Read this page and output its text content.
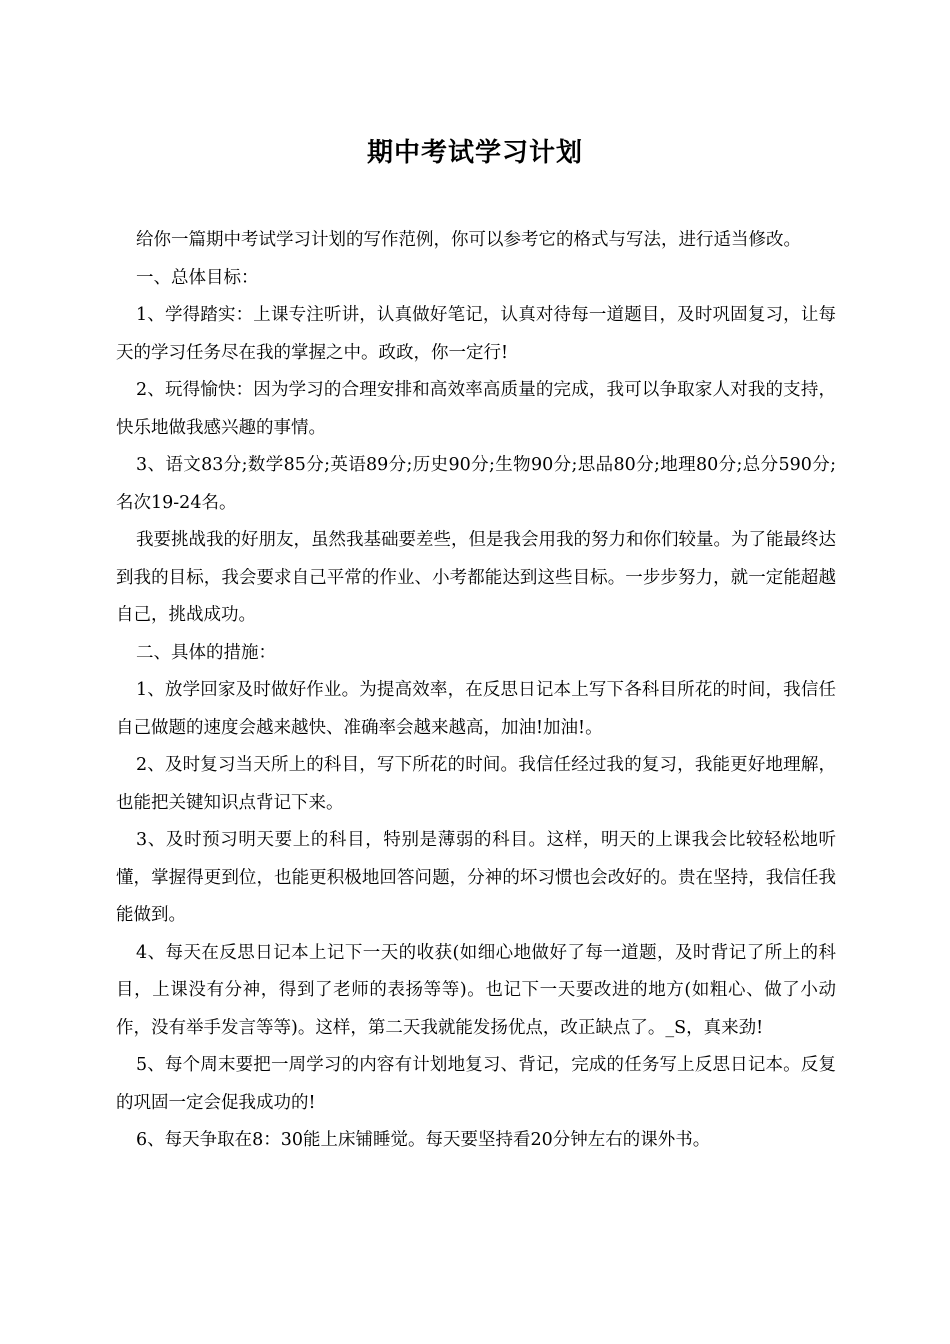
期中考试学习计划

给你一篇期中考试学习计划的写作范例，你可以参考它的格式与写法，进行适当修改。

一、总体目标：

1、学得踏实：上课专注听讲，认真做好笔记，认真对待每一道题目，及时巩固复习，让每天的学习任务尽在我的掌握之中。政政，你一定行!

2、玩得愉快：因为学习的合理安排和高效率高质量的完成，我可以争取家人对我的支持，快乐地做我感兴趣的事情。

3、语文83分;数学85分;英语89分;历史90分;生物90分;思品80分;地理80分;总分590分;名次19-24名。

我要挑战我的好朋友，虽然我基础要差些，但是我会用我的努力和你们较量。为了能最终达到我的目标，我会要求自己平常的作业、小考都能达到这些目标。一步步努力，就一定能超越自己，挑战成功。

二、具体的措施：

1、放学回家及时做好作业。为提高效率，在反思日记本上写下各科目所花的时间，我信任自己做题的速度会越来越快、准确率会越来越高，加油!加油!。

2、及时复习当天所上的科目，写下所花的时间。我信任经过我的复习，我能更好地理解，也能把关键知识点背记下来。

3、及时预习明天要上的科目，特别是薄弱的科目。这样，明天的上课我会比较轻松地听懂，掌握得更到位，也能更积极地回答问题，分神的坏习惯也会改好的。贵在坚持，我信任我能做到。

4、每天在反思日记本上记下一天的收获(如细心地做好了每一道题，及时背记了所上的科目，上课没有分神，得到了老师的表扬等等)。也记下一天要改进的地方(如粗心、做了小动作，没有举手发言等等)。这样，第二天我就能发扬优点，改正缺点了。_S，真来劲!

5、每个周末要把一周学习的内容有计划地复习、背记，完成的任务写上反思日记本。反复的巩固一定会促我成功的!

6、每天争取在8：30能上床铺睡觉。每天要坚持看20分钟左右的课外书。
